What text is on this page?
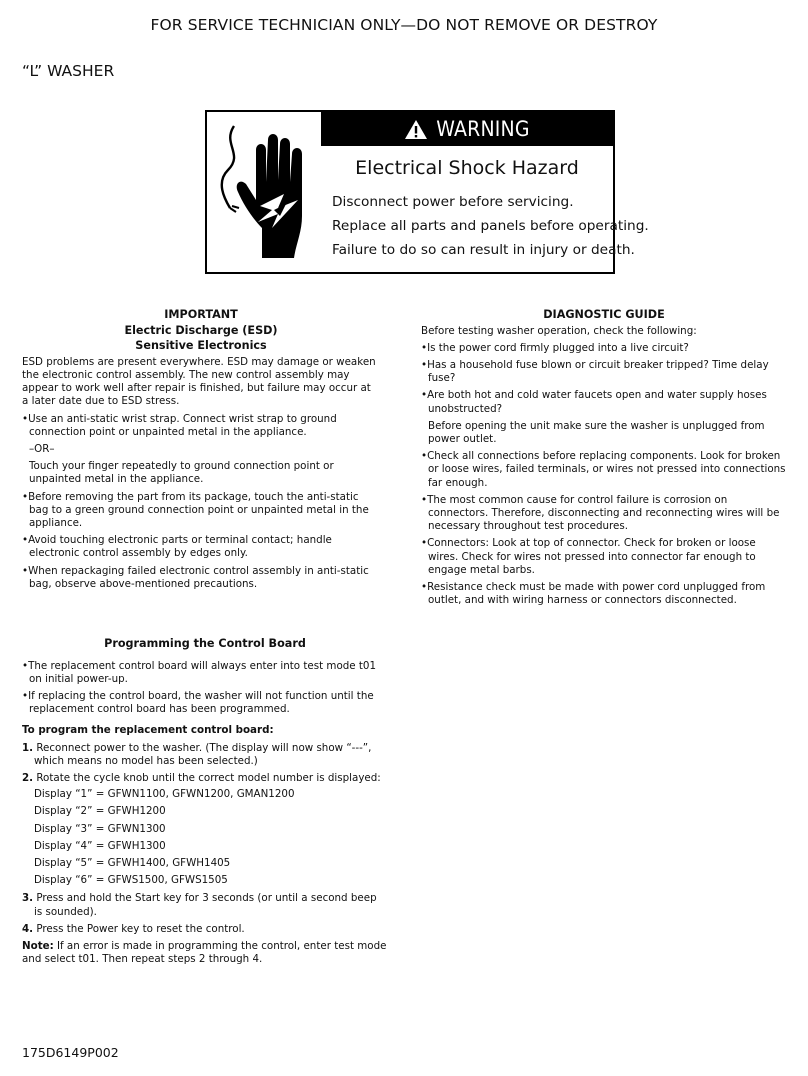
FOR SERVICE TECHNICIAN ONLY—DO NOT REMOVE OR DESTROY
“L” WASHER
WARNING
Electrical Shock Hazard
Disconnect power before servicing.
Replace all parts and panels before operating.
Failure to do so can result in injury or death.

IMPORTANT

Electric Discharge (ESD)

Sensitive Electronics

ESD problems are present everywhere. ESD may damage or weaken the electronic control assembly. The new control assembly may appear to work well after repair is finished, but failure may occur at a later date due to ESD stress.

•Use an anti-static wrist strap. Connect wrist strap to ground connection point or unpainted metal in the appliance.

–OR–

Touch your finger repeatedly to ground connection point or unpainted metal in the appliance.

•Before removing the part from its package, touch the anti-static bag to a green ground connection point or unpainted metal in the appliance.

•Avoid touching electronic parts or terminal contact; handle electronic control assembly by edges only.

•When repackaging failed electronic control assembly in anti-static bag, observe above-mentioned precautions.

DIAGNOSTIC GUIDE

Before testing washer operation, check the following:

•Is the power cord firmly plugged into a live circuit?

•Has a household fuse blown or circuit breaker tripped? Time delay fuse?

•Are both hot and cold water faucets open and water supply hoses unobstructed?

Before opening the unit make sure the washer is unplugged from power outlet.

•Check all connections before replacing components. Look for broken or loose wires, failed terminals, or wires not pressed into connections far enough.

•The most common cause for control failure is corrosion on connectors. Therefore, disconnecting and reconnecting wires will be necessary throughout test procedures.

•Connectors: Look at top of connector. Check for broken or loose wires. Check for wires not pressed into connector far enough to engage metal barbs.

•Resistance check must be made with power cord unplugged from outlet, and with wiring harness or connectors disconnected.

Programming the Control Board

•The replacement control board will always enter into test mode t01 on initial power-up.

•If replacing the control board, the washer will not function until the replacement control board has been programmed.

To program the replacement control board:

1. Reconnect power to the washer. (The display will now show “---”, which means no model has been selected.)

2. Rotate the cycle knob until the correct model number is displayed:

Display “1” = GFWN1100, GFWN1200, GMAN1200

Display “2” = GFWH1200

Display “3” = GFWN1300

Display “4” = GFWH1300

Display “5” = GFWH1400, GFWH1405

Display “6” = GFWS1500, GFWS1505

3. Press and hold the Start key for 3 seconds (or until a second beep is sounded).

4. Press the Power key to reset the control.

Note: If an error is made in programming the control, enter test mode and select t01. Then repeat steps 2 through 4.

175D6149P002
